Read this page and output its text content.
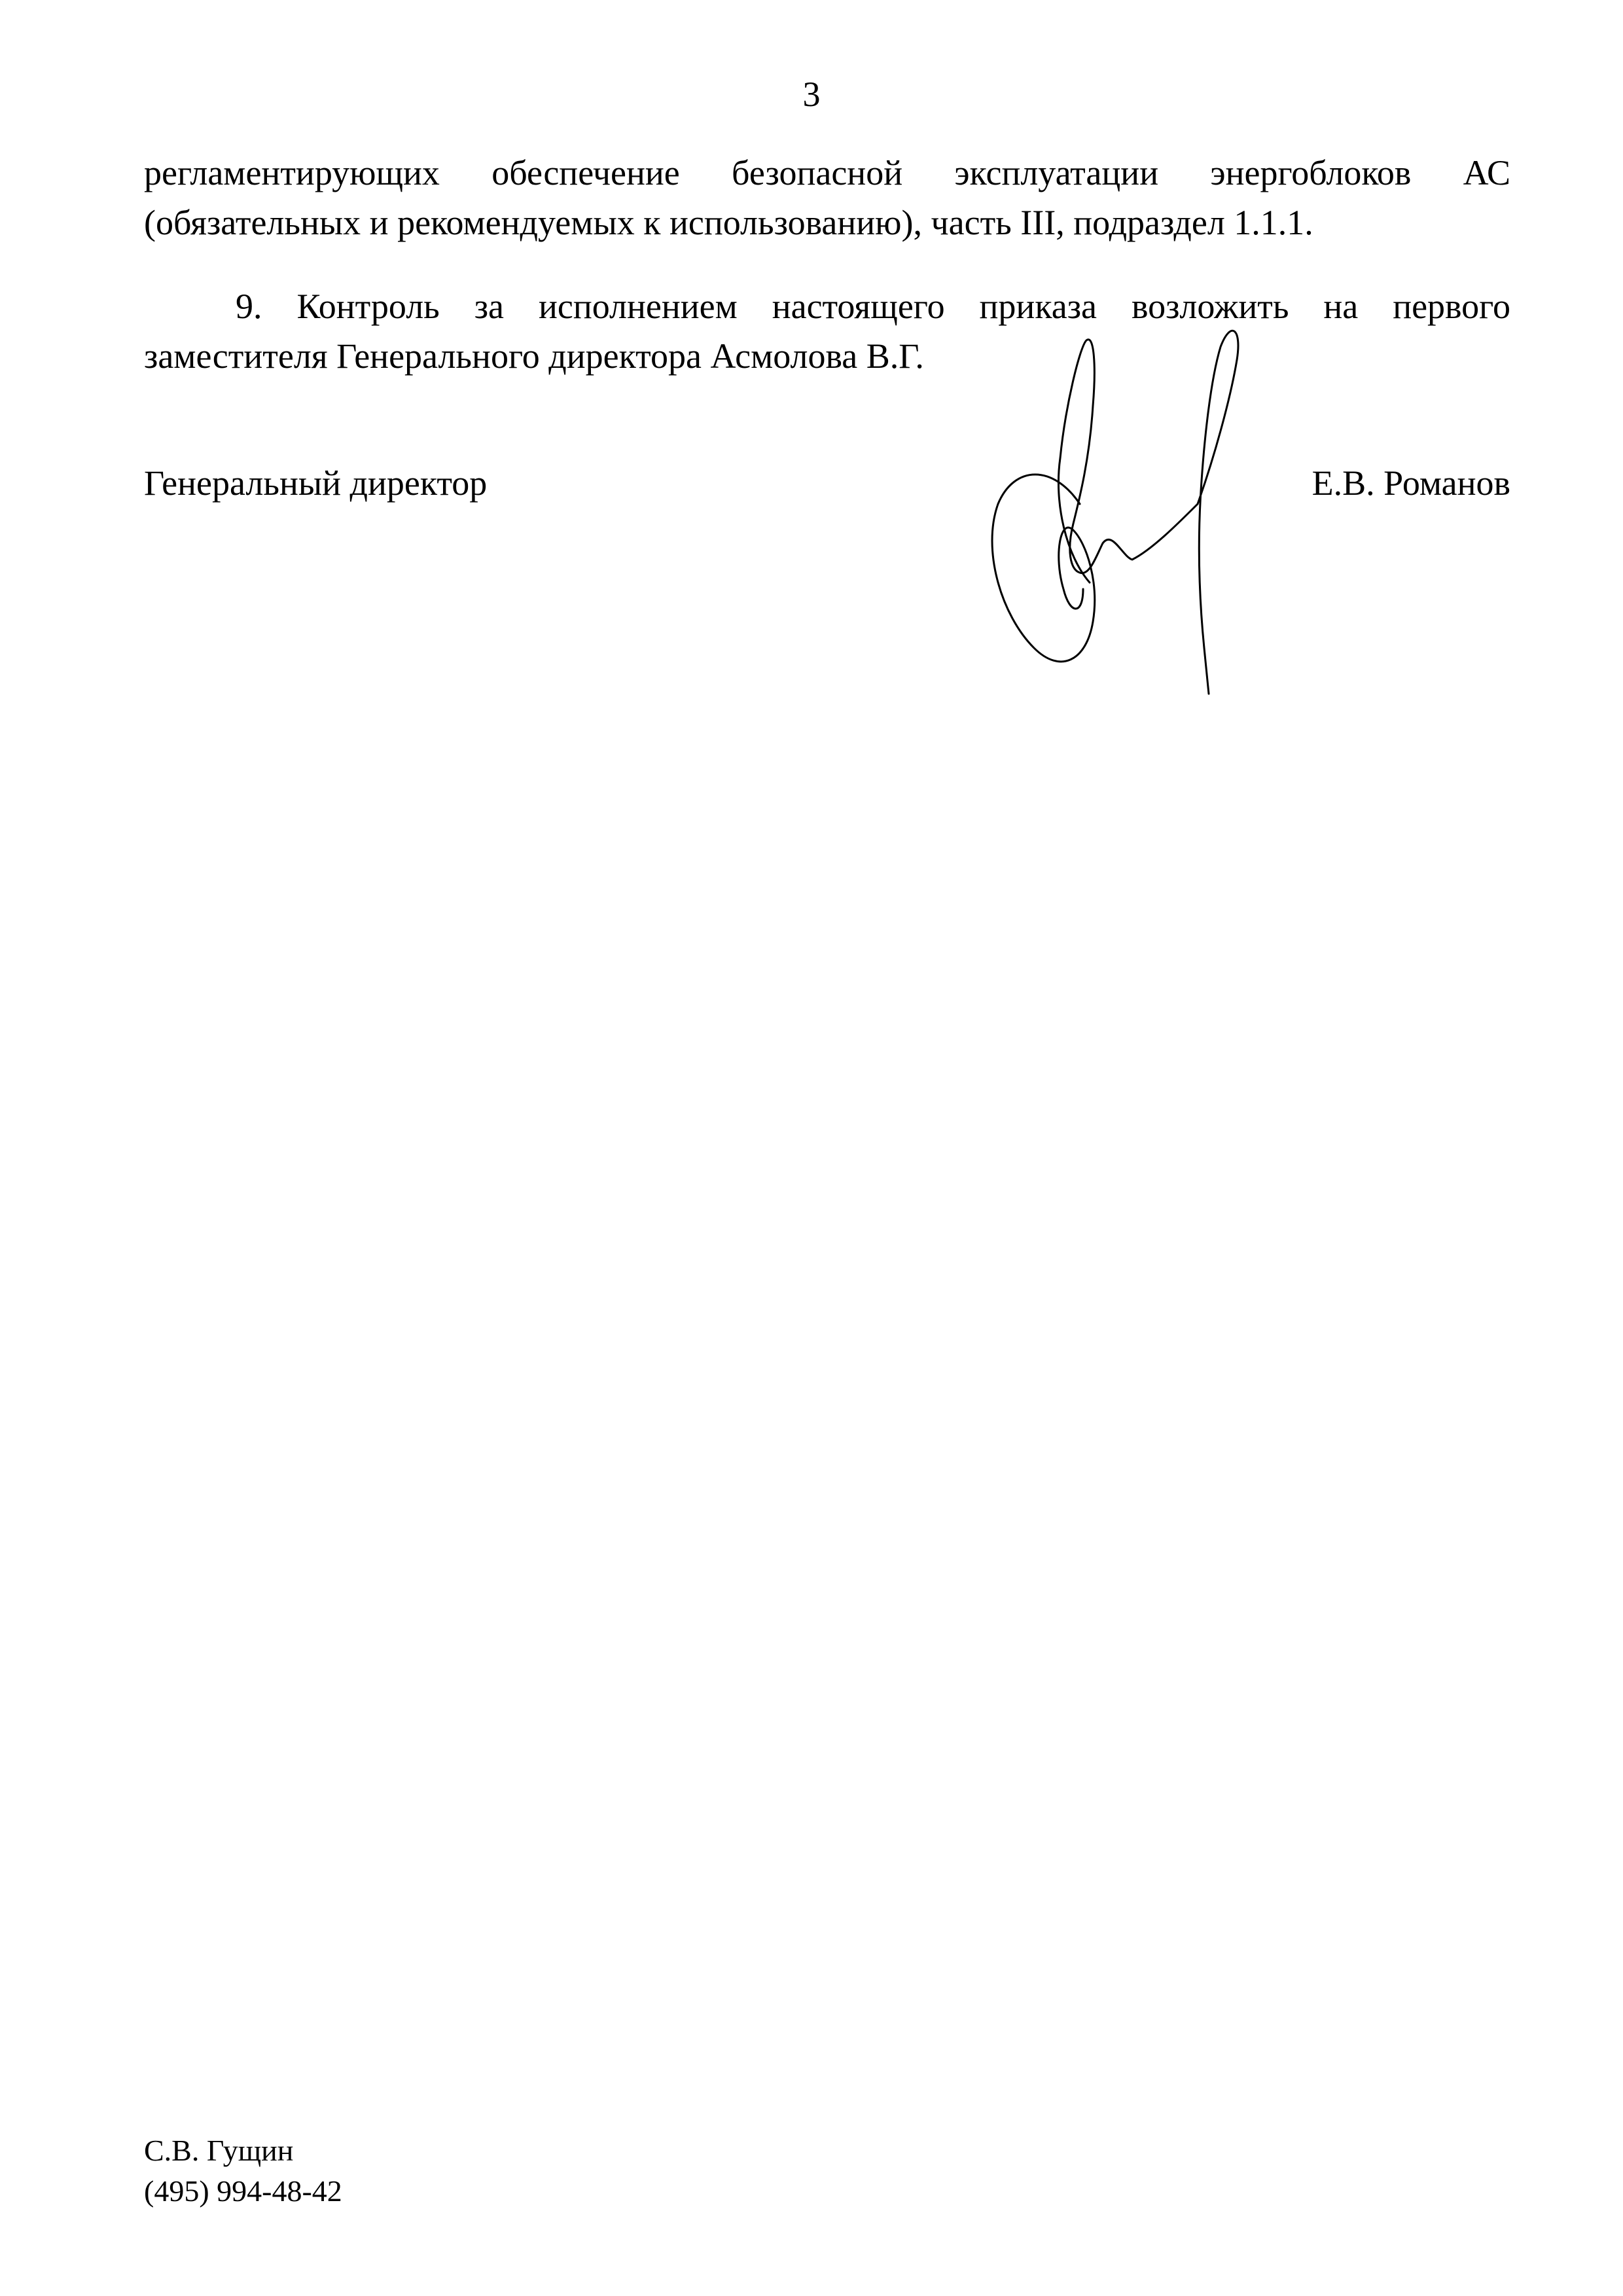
3
регламентирующих обеспечение безопасной эксплуатации энергоблоков АС
(обязательных и рекомендуемых к использованию), часть III, подраздел 1.1.1.
9. Контроль за исполнением настоящего приказа возложить на первого
заместителя Генерального директора Асмолова В.Г.
Генеральный директор	Е.В. Романов
С.В. Гущин
(495) 994-48-42
